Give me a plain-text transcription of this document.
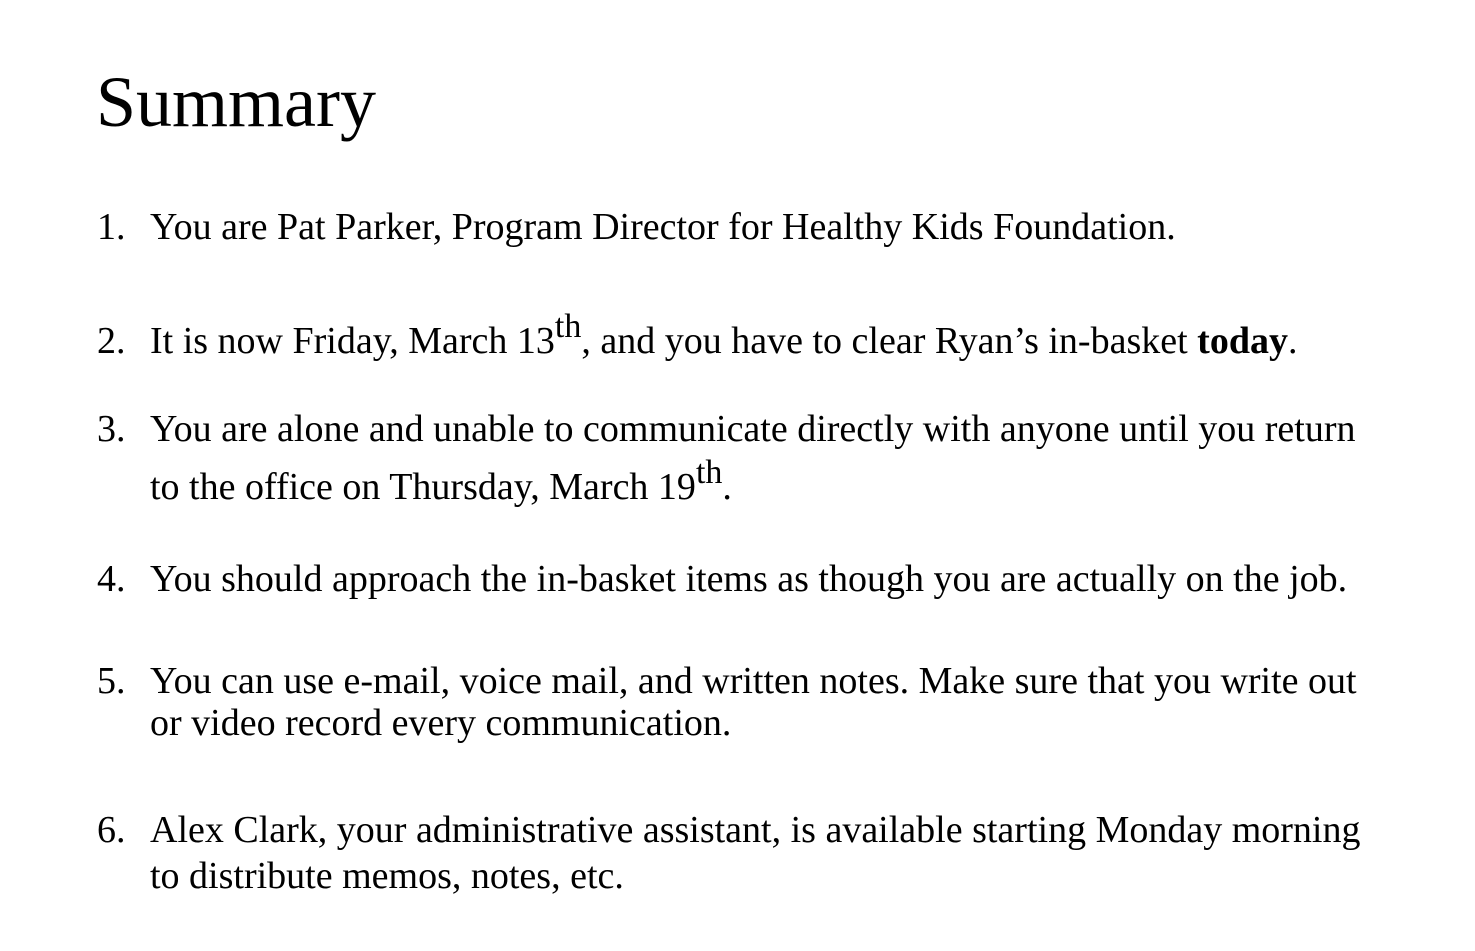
Summary
1. You are Pat Parker, Program Director for Healthy Kids Foundation.
2. It is now Friday, March 13th, and you have to clear Ryan’s in-basket today.
3. You are alone and unable to communicate directly with anyone until you return
to the office on Thursday, March 19th.
4. You should approach the in-basket items as though you are actually on the job.
5. You can use e-mail, voice mail, and written notes. Make sure that you write out
or video record every communication.
6. Alex Clark, your administrative assistant, is available starting Monday morning
to distribute memos, notes, etc.
